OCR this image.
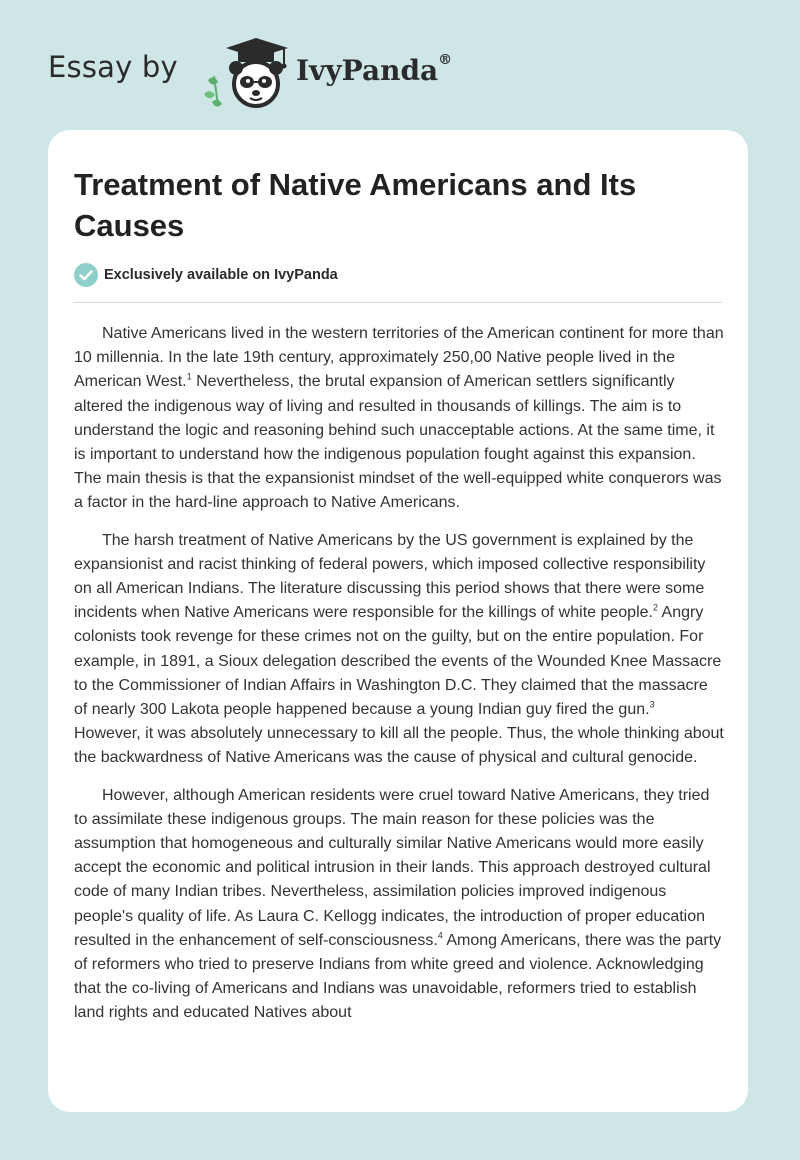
Essay by	IvyPanda®
Treatment of Native Americans and Its Causes
Exclusively available on IvyPanda

Native Americans lived in the western territories of the American continent for more than 10 millennia. In the late 19th century, approximately 250,00 Native people lived in the American West.$^1$ Nevertheless, the brutal expansion of American settlers significantly altered the indigenous way of living and resulted in thousands of killings. The aim is to understand the logic and reasoning behind such unacceptable actions. At the same time, it is important to understand how the indigenous population fought against this expansion. The main thesis is that the expansionist mindset of the well-equipped white conquerors was a factor in the hard-line approach to Native Americans.

The harsh treatment of Native Americans by the US government is explained by the expansionist and racist thinking of federal powers, which imposed collective responsibility on all American Indians. The literature discussing this period shows that there were some incidents when Native Americans were responsible for the killings of white people.$^2$ Angry colonists took revenge for these crimes not on the guilty, but on the entire population. For example, in 1891, a Sioux delegation described the events of the Wounded Knee Massacre to the Commissioner of Indian Affairs in Washington D.C. They claimed that the massacre of nearly 300 Lakota people happened because a young Indian guy fired the gun.$^3$ However, it was absolutely unnecessary to kill all the people. Thus, the whole thinking about the backwardness of Native Americans was the cause of physical and cultural genocide.

However, although American residents were cruel toward Native Americans, they tried to assimilate these indigenous groups. The main reason for these policies was the assumption that homogeneous and culturally similar Native Americans would more easily accept the economic and political intrusion in their lands. This approach destroyed cultural code of many Indian tribes. Nevertheless, assimilation policies improved indigenous people's quality of life. As Laura C. Kellogg indicates, the introduction of proper education resulted in the enhancement of self-consciousness.$^4$ Among Americans, there was the party of reformers who tried to preserve Indians from white greed and violence. Acknowledging that the co-living of Americans and Indians was unavoidable, reformers tried to establish land rights and educated Natives about
